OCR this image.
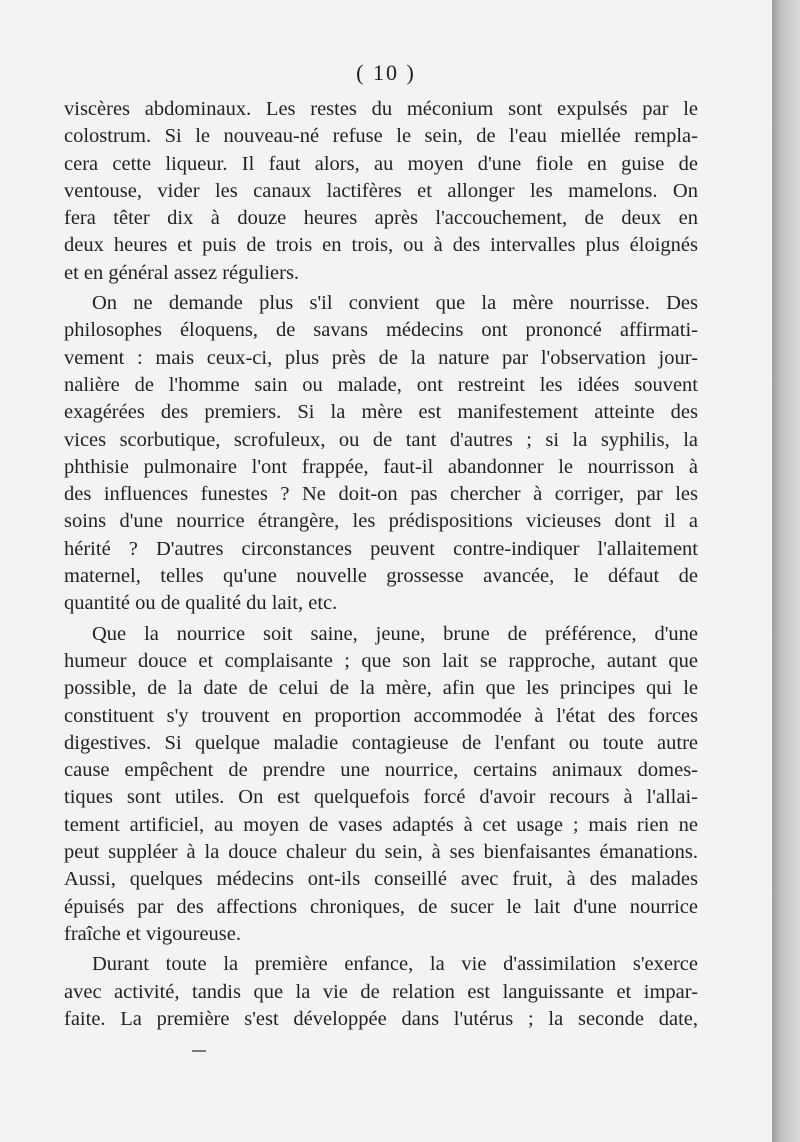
( 10 )
viscères abdominaux. Les restes du méconium sont expulsés par le
colostrum. Si le nouveau-né refuse le sein, de l'eau miellée rempla-
cera cette liqueur. Il faut alors, au moyen d'une fiole en guise de
ventouse, vider les canaux lactifères et allonger les mamelons. On
fera têter dix à douze heures après l'accouchement, de deux en
deux heures et puis de trois en trois, ou à des intervalles plus éloignés
et en général assez réguliers.
On ne demande plus s'il convient que la mère nourrisse. Des
philosophes éloquens, de savans médecins ont prononcé affirmati-
vement : mais ceux-ci, plus près de la nature par l'observation jour-
nalière de l'homme sain ou malade, ont restreint les idées souvent
exagérées des premiers. Si la mère est manifestement atteinte des
vices scorbutique, scrofuleux, ou de tant d'autres ; si la syphilis, la
phthisie pulmonaire l'ont frappée, faut-il abandonner le nourrisson à
des influences funestes ? Ne doit-on pas chercher à corriger, par les
soins d'une nourrice étrangère, les prédispositions vicieuses dont il a
hérité ? D'autres circonstances peuvent contre-indiquer l'allaitement
maternel, telles qu'une nouvelle grossesse avancée, le défaut de
quantité ou de qualité du lait, etc.
Que la nourrice soit saine, jeune, brune de préférence, d'une
humeur douce et complaisante ; que son lait se rapproche, autant que
possible, de la date de celui de la mère, afin que les principes qui le
constituent s'y trouvent en proportion accommodée à l'état des forces
digestives. Si quelque maladie contagieuse de l'enfant ou toute autre
cause empêchent de prendre une nourrice, certains animaux domes-
tiques sont utiles. On est quelquefois forcé d'avoir recours à l'allai-
tement artificiel, au moyen de vases adaptés à cet usage ; mais rien ne
peut suppléer à la douce chaleur du sein, à ses bienfaisantes émanations.
Aussi, quelques médecins ont-ils conseillé avec fruit, à des malades
épuisés par des affections chroniques, de sucer le lait d'une nourrice
fraîche et vigoureuse.
Durant toute la première enfance, la vie d'assimilation s'exerce
avec activité, tandis que la vie de relation est languissante et impar-
faite. La première s'est développée dans l'utérus ; la seconde date,
